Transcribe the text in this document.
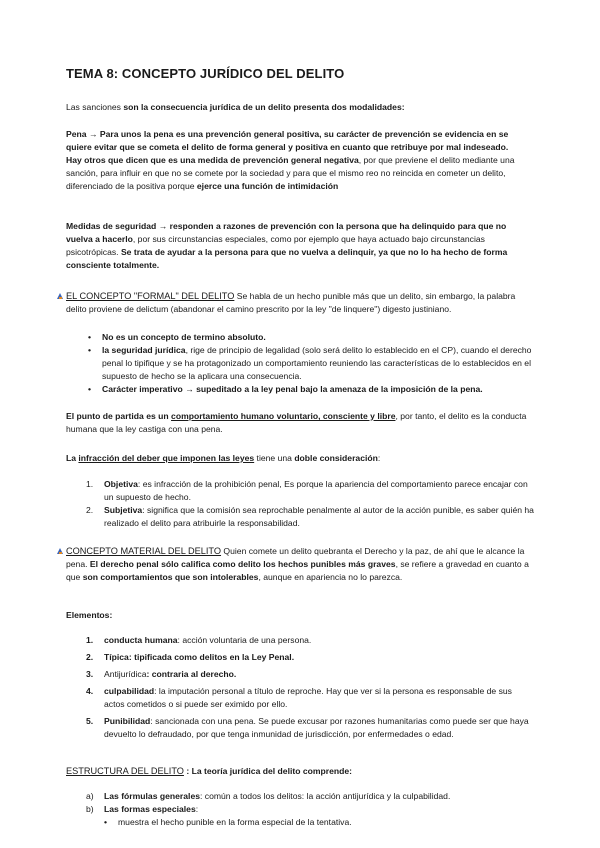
TEMA 8: CONCEPTO JURÍDICO DEL DELITO
Las sanciones son la consecuencia jurídica de un delito presenta dos modalidades:
Pena → Para unos la pena es una prevención general positiva, su carácter de prevención se evidencia en se quiere evitar que se cometa el delito de forma general y positiva en cuanto que retribuye por mal indeseado.
Hay otros que dicen que es una medida de prevención general negativa, por que previene el delito mediante una sanción, para influir en que no se comete por la sociedad y para que el mismo reo no reincida en cometer un delito, diferenciado de la positiva porque ejerce una función de intimidación
Medidas de seguridad → responden a razones de prevención con la persona que ha delinquido para que no vuelva a hacerlo, por sus circunstancias especiales, como por ejemplo que haya actuado bajo circunstancias psicotrópicas. Se trata de ayudar a la persona para que no vuelva a delinquir, ya que no lo ha hecho de forma consciente totalmente.
EL CONCEPTO "FORMAL" DEL DELITO Se habla de un hecho punible más que un delito, sin embargo, la palabra delito proviene de delictum (abandonar el camino prescrito por la ley "de linquere") digesto justiniano.
• No es un concepto de termino absoluto.
• la seguridad jurídica, rige de principio de legalidad (solo será delito lo establecido en el CP), cuando el derecho penal lo tipifique y se ha protagonizado un comportamiento reuniendo las características de lo establecidos en el supuesto de hecho se la aplicara una consecuencia.
• Carácter imperativo → supeditado a la ley penal bajo la amenaza de la imposición de la pena.
El punto de partida es un comportamiento humano voluntario, consciente y libre, por tanto, el delito es la conducta humana que la ley castiga con una pena.
La infracción del deber que imponen las leyes tiene una doble consideración:
1. Objetiva: es infracción de la prohibición penal, Es porque la apariencia del comportamiento parece encajar con un supuesto de hecho.
2. Subjetiva: significa que la comisión sea reprochable penalmente al autor de la acción punible, es saber quién ha realizado el delito para atribuirle la responsabilidad.
CONCEPTO MATERIAL DEL DELITO Quien comete un delito quebranta el Derecho y la paz, de ahí que le alcance la pena. El derecho penal sólo califica como delito los hechos punibles más graves, se refiere a gravedad en cuanto a que son comportamientos que son intolerables, aunque en apariencia no lo parezca.
Elementos:
1. conducta humana: acción voluntaria de una persona.
2. Típica: tipificada como delitos en la Ley Penal.
3. Antijurídica: contraria al derecho.
4. culpabilidad: la imputación personal a título de reproche. Hay que ver si la persona es responsable de sus actos cometidos o si puede ser eximido por ello.
5. Punibilidad: sancionada con una pena. Se puede excusar por razones humanitarias como puede ser que haya devuelto lo defraudado, por que tenga inmunidad de jurisdicción, por enfermedades o edad.
ESTRUCTURA DEL DELITO : La teoría jurídica del delito comprende:
a) Las fórmulas generales: común a todos los delitos: la acción antijurídica y la culpabilidad.
b) Las formas especiales:
• muestra el hecho punible en la forma especial de la tentativa.
